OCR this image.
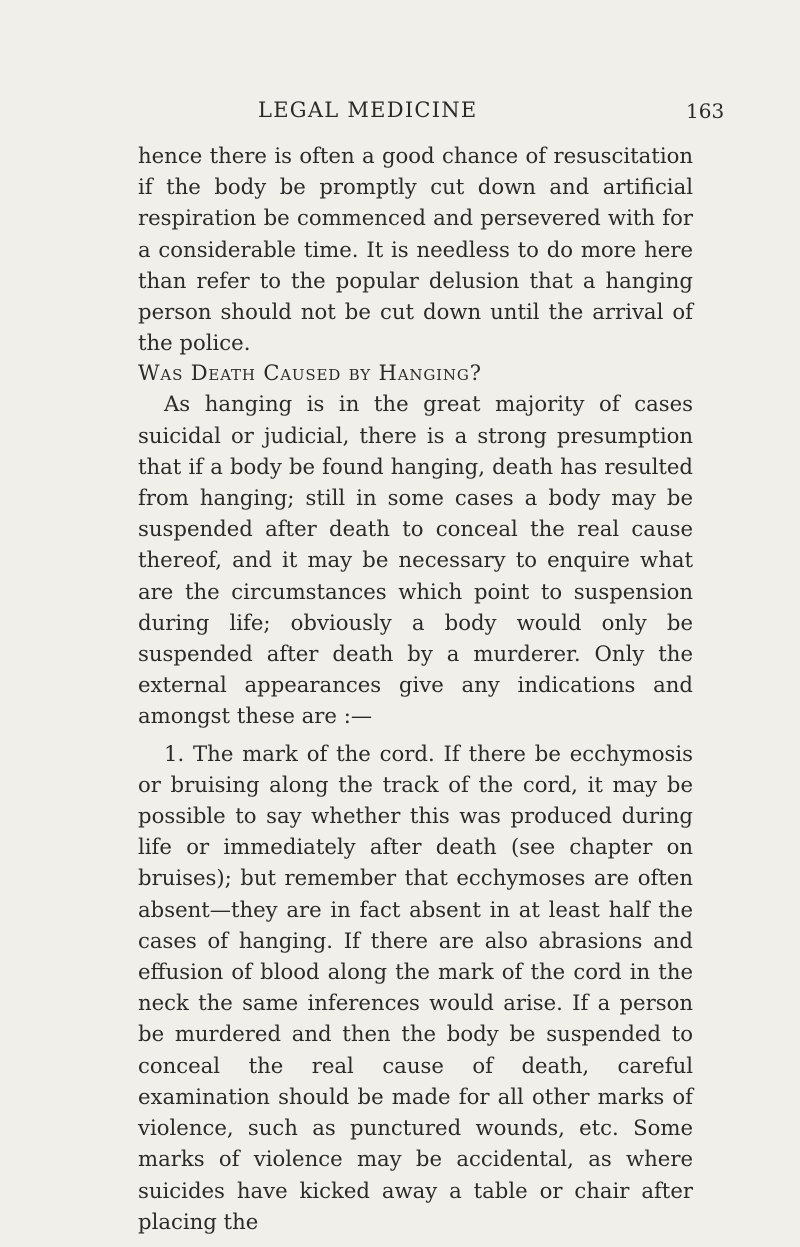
LEGAL MEDICINE	163

hence there is often a good chance of resuscitation if the body be promptly cut down and artificial respiration be commenced and persevered with for a considerable time. It is needless to do more here than refer to the popular delusion that a hanging person should not be cut down until the arrival of the police.

Was Death Caused by Hanging?

As hanging is in the great majority of cases suicidal or judicial, there is a strong presumption that if a body be found hanging, death has resulted from hanging; still in some cases a body may be suspended after death to conceal the real cause thereof, and it may be necessary to enquire what are the circumstances which point to suspension during life; obviously a body would only be suspended after death by a murderer. Only the external appearances give any indications and amongst these are :—

1. The mark of the cord. If there be ecchymosis or bruising along the track of the cord, it may be possible to say whether this was produced during life or immediately after death (see chapter on bruises); but remember that ecchymoses are often absent—they are in fact absent in at least half the cases of hanging. If there are also abrasions and effusion of blood along the mark of the cord in the neck the same inferences would arise. If a person be murdered and then the body be suspended to conceal the real cause of death, careful examination should be made for all other marks of violence, such as punctured wounds, etc. Some marks of violence may be accidental, as where suicides have kicked away a table or chair after placing the
